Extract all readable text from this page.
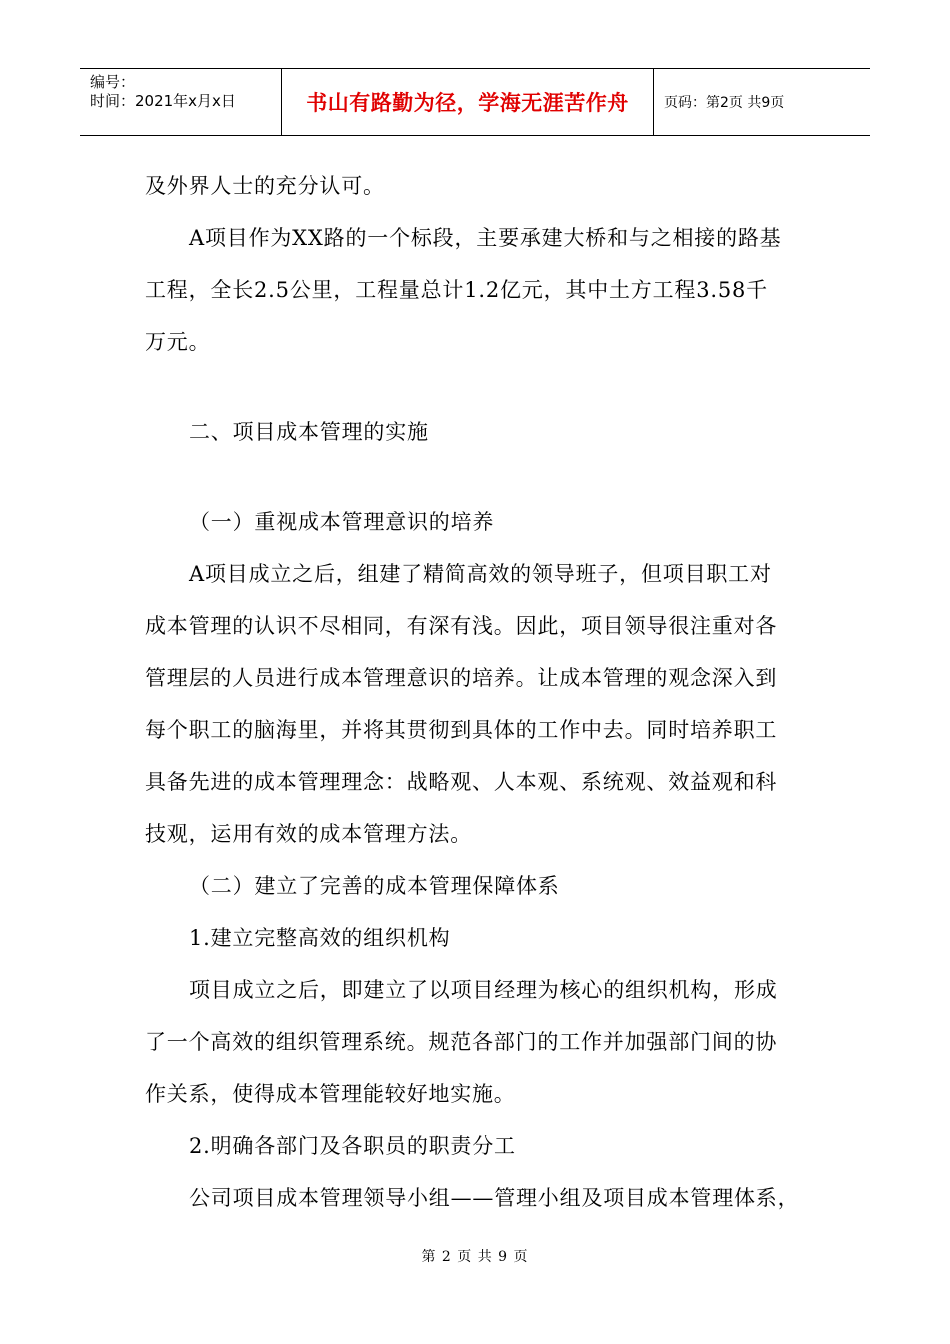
编号：
时间：2021年x月x日	书山有路勤为径，学海无涯苦作舟	页码：第2页 共9页

及外界人士的充分认可。

A项目作为XX路的一个标段，主要承建大桥和与之相接的路基

工程，全长2.5公里，工程量总计1.2亿元，其中土方工程3.58千

万元。

二、项目成本管理的实施

（一）重视成本管理意识的培养

A项目成立之后，组建了精简高效的领导班子，但项目职工对

成本管理的认识不尽相同，有深有浅。因此，项目领导很注重对各

管理层的人员进行成本管理意识的培养。让成本管理的观念深入到

每个职工的脑海里，并将其贯彻到具体的工作中去。同时培养职工

具备先进的成本管理理念：战略观、人本观、系统观、效益观和科

技观，运用有效的成本管理方法。

（二）建立了完善的成本管理保障体系

1.建立完整高效的组织机构

项目成立之后，即建立了以项目经理为核心的组织机构，形成

了一个高效的组织管理系统。规范各部门的工作并加强部门间的协

作关系，使得成本管理能较好地实施。

2.明确各部门及各职员的职责分工

公司项目成本管理领导小组——管理小组及项目成本管理体系，

第 2 页 共 9 页
